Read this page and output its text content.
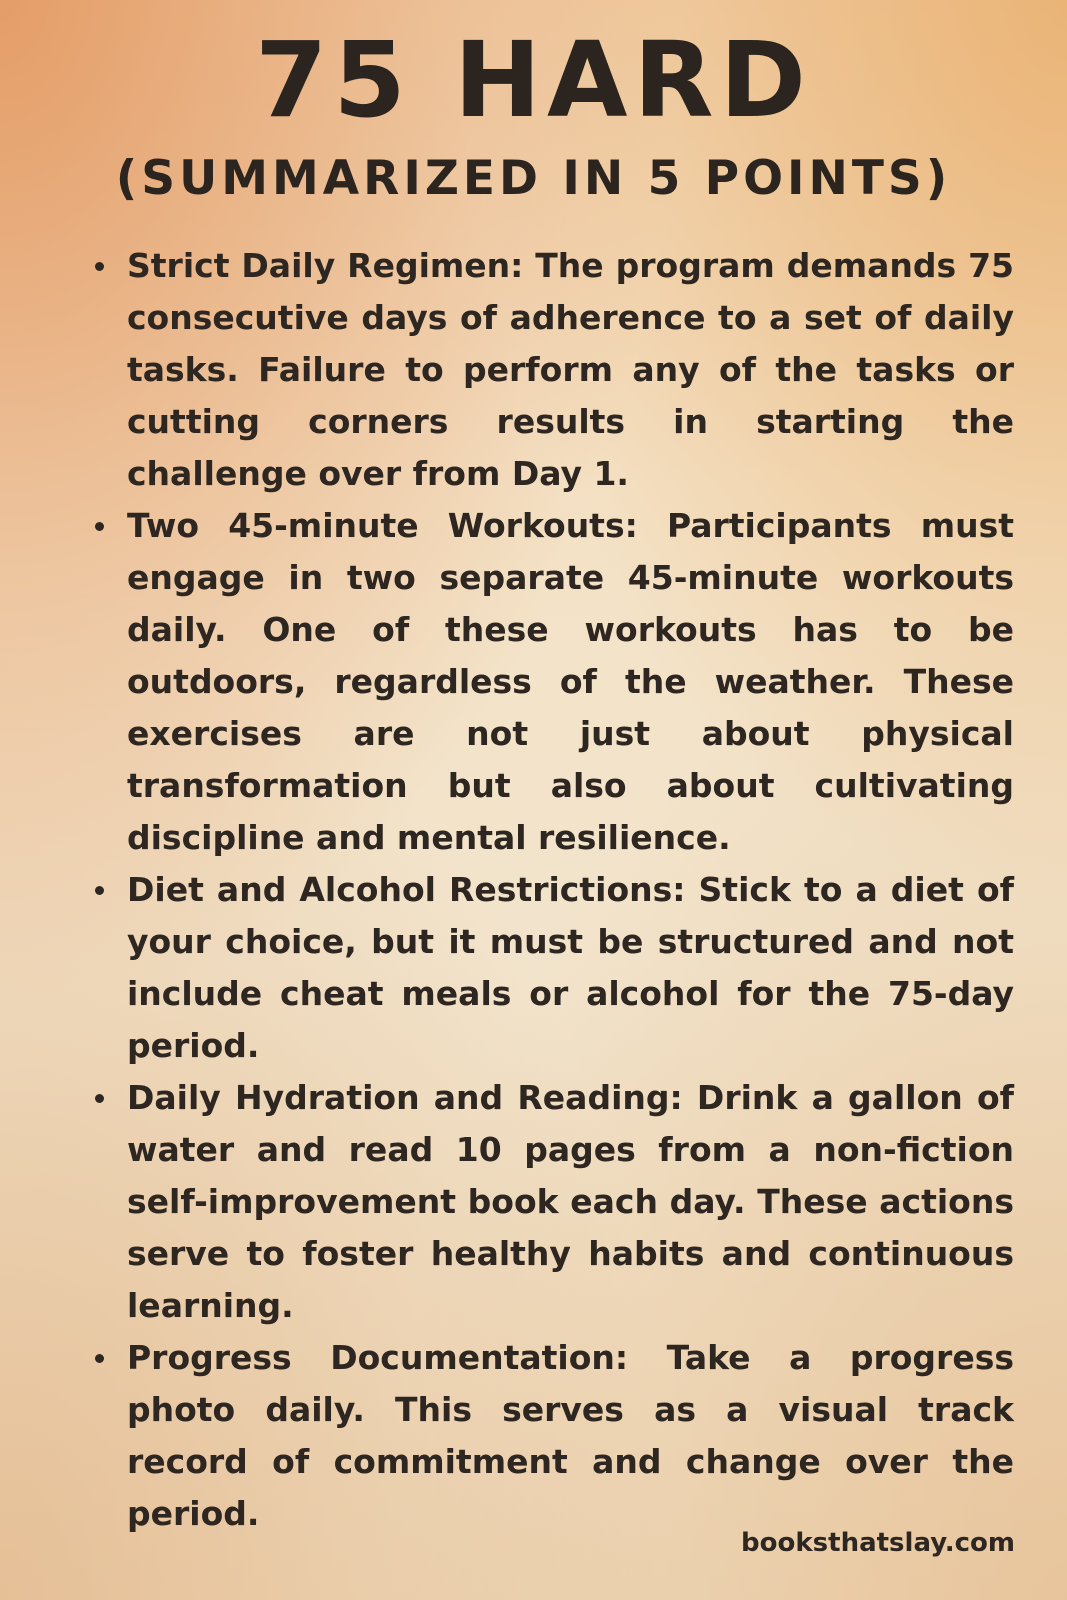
75 HARD
(SUMMARIZED IN 5 POINTS)
Strict Daily Regimen: The program demands 75 consecutive days of adherence to a set of daily tasks. Failure to perform any of the tasks or cutting corners results in starting the challenge over from Day 1.
Two 45-minute Workouts: Participants must engage in two separate 45-minute workouts daily. One of these workouts has to be outdoors, regardless of the weather. These exercises are not just about physical transformation but also about cultivating discipline and mental resilience.
Diet and Alcohol Restrictions: Stick to a diet of your choice, but it must be structured and not include cheat meals or alcohol for the 75-day period.
Daily Hydration and Reading: Drink a gallon of water and read 10 pages from a non-fiction self-improvement book each day. These actions serve to foster healthy habits and continuous learning.
Progress Documentation: Take a progress photo daily. This serves as a visual track record of commitment and change over the period.
booksthatslay.com
